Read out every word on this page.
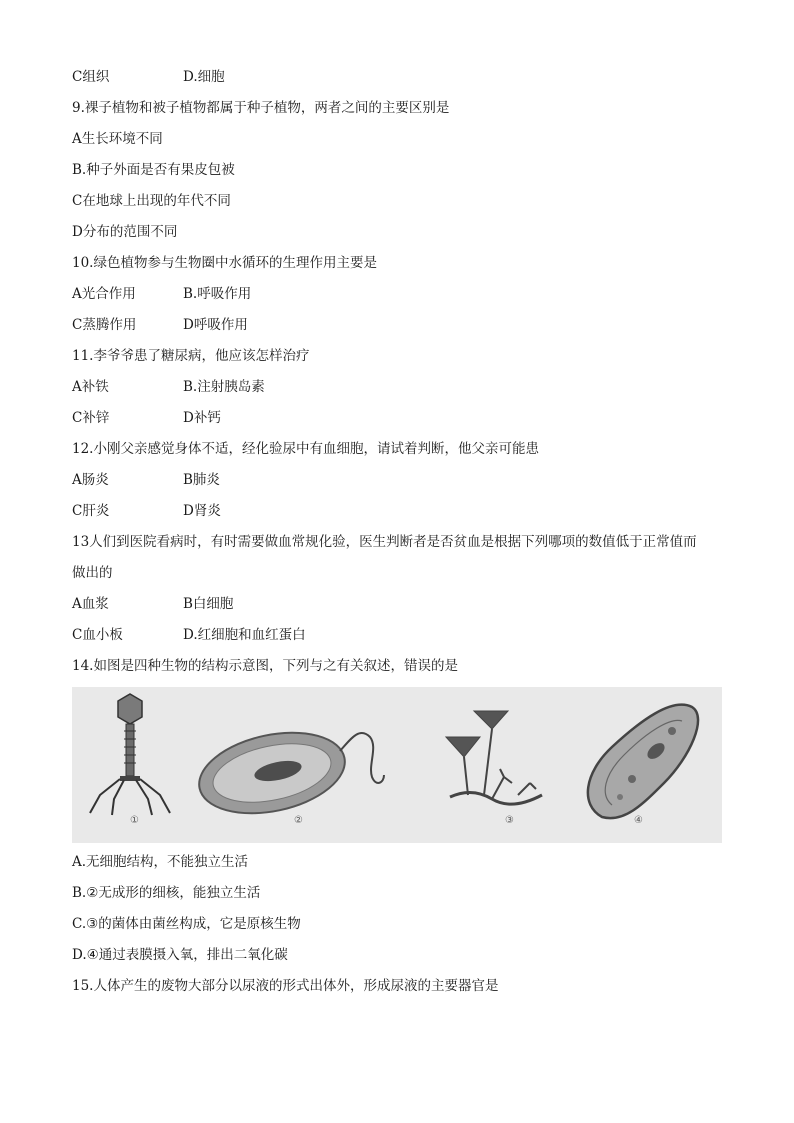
C组织	D.细胞
9.裸子植物和被子植物都属于种子植物，两者之间的主要区别是
A生长环境不同
B.种子外面是否有果皮包被
C在地球上出现的年代不同
D分布的范围不同
10.绿色植物参与生物圈中水循环的生理作用主要是
A光合作用	B.呼吸作用
C蒸腾作用	D呼吸作用
11.李爷爷患了糖尿病，他应该怎样治疗
A补铁	B.注射胰岛素
C补锌	D补钙
12.小刚父亲感觉身体不适，经化验尿中有血细胞，请试着判断，他父亲可能患
A肠炎	B肺炎
C肝炎	D肾炎
13人们到医院看病时，有时需要做血常规化验，医生判断者是否贫血是根据下列哪项的数值低于正常值而
做出的
A血浆	B白细胞
C血小板	D.红细胞和血红蛋白
14.如图是四种生物的结构示意图，下列与之有关叙述，错误的是
①	②	③	④
A.无细胞结构，不能独立生活
B.②无成形的细核，能独立生活
C.③的菌体由菌丝构成，它是原核生物
D.④通过表膜摄入氧，排出二氧化碳
15.人体产生的废物大部分以尿液的形式出体外，形成尿液的主要器官是
